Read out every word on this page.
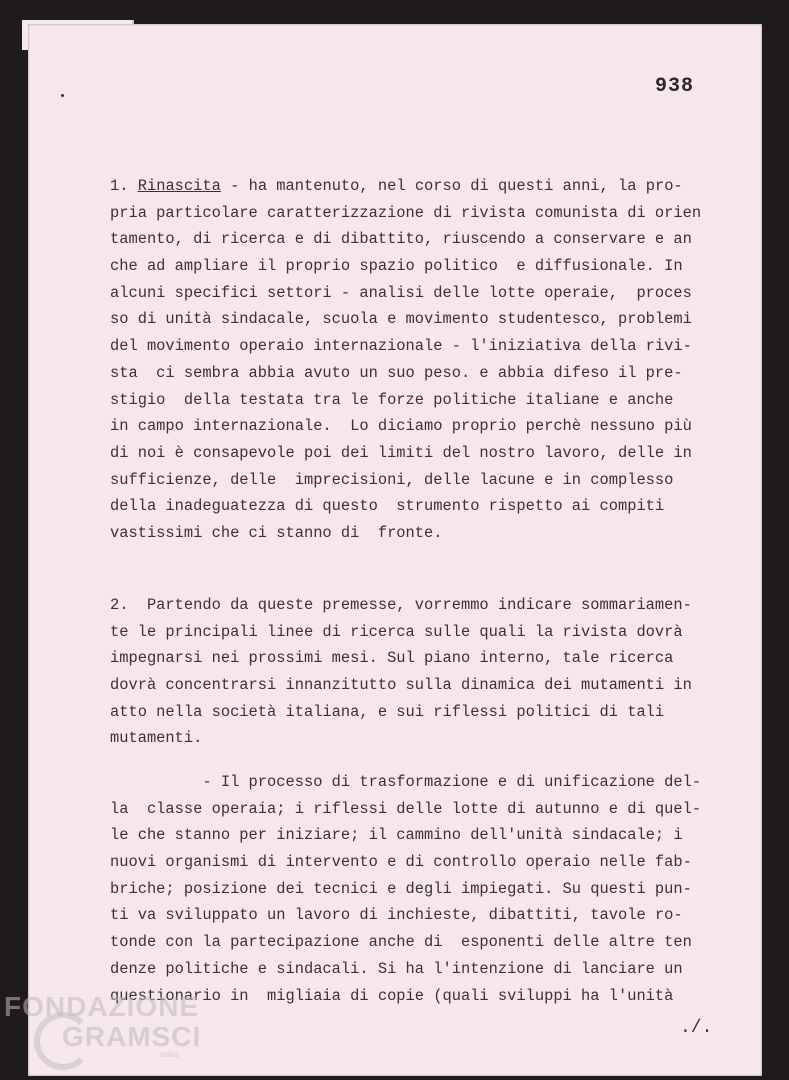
938
1. Rinascita - ha mantenuto, nel corso di questi anni, la pro-
pria particolare caratterizzazione di rivista comunista di orien
tamento, di ricerca e di dibattito, riuscendo a conservare e an
che ad ampliare il proprio spazio politico  e diffusionale. In
alcuni specifici settori - analisi delle lotte operaie,  proces
so di unità sindacale, scuola e movimento studentesco, problemi
del movimento operaio internazionale - l'iniziativa della rivi-
sta  ci sembra abbia avuto un suo peso. e abbia difeso il pre-
stigio  della testata tra le forze politiche italiane e anche
in campo internazionale.  Lo diciamo proprio perchè nessuno più
di noi è consapevole poi dei limiti del nostro lavoro, delle in
sufficienze, delle  imprecisioni, delle lacune e in complesso
della inadeguatezza di questo  strumento rispetto ai compiti
vastissimi che ci stanno di  fronte.
2.  Partendo da queste premesse, vorremmo indicare sommariamen-
te le principali linee di ricerca sulle quali la rivista dovrà
impegnarsi nei prossimi mesi. Sul piano interno, tale ricerca
dovrà concentrarsi innanzitutto sulla dinamica dei mutamenti in
atto nella società italiana, e sui riflessi politici di tali
mutamenti.
- Il processo di trasformazione e di unificazione del-
la  classe operaia; i riflessi delle lotte di autunno e di quel-
le che stanno per iniziare; il cammino dell'unità sindacale; i
nuovi organismi di intervento e di controllo operaio nelle fab-
briche; posizione dei tecnici e degli impiegati. Su questi pun-
ti va sviluppato un lavoro di inchieste, dibattiti, tavole ro-
tonde con la partecipazione anche di  esponenti delle altre ten
denze politiche e sindacali. Si ha l'intenzione di lanciare un
questionario in  migliaia di copie (quali sviluppi ha l'unità
./.
FONDAZIONE
GRAMSCI
onlus
